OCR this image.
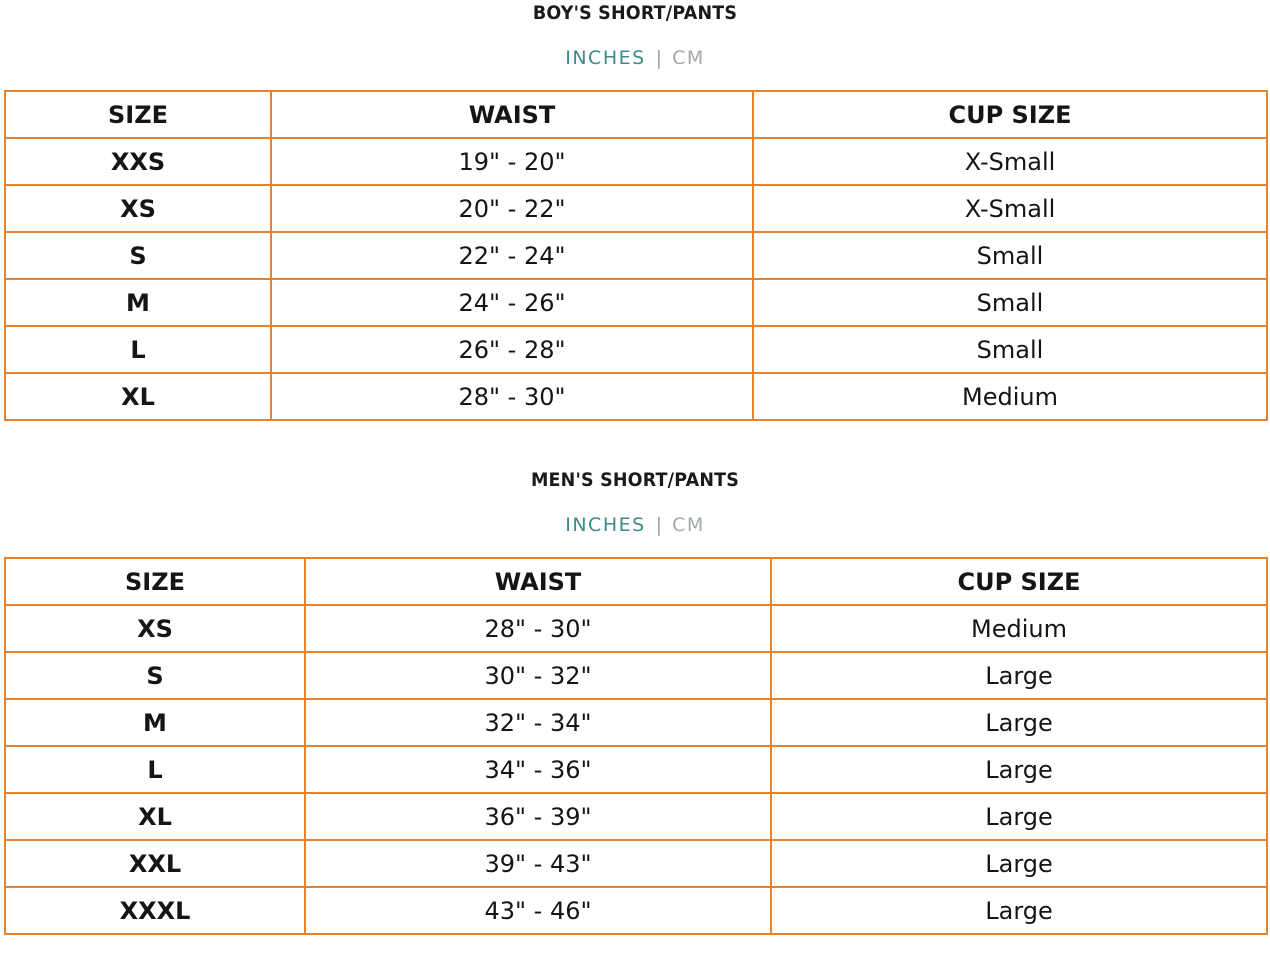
BOY'S SHORT/PANTS
INCHES | CM
SIZE	WAIST	CUP SIZE
XXS	19" - 20"	X-Small
XS	20" - 22"	X-Small
S	22" - 24"	Small
M	24" - 26"	Small
L	26" - 28"	Small
XL	28" - 30"	Medium
MEN'S SHORT/PANTS
INCHES | CM
SIZE	WAIST	CUP SIZE
XS	28" - 30"	Medium
S	30" - 32"	Large
M	32" - 34"	Large
L	34" - 36"	Large
XL	36" - 39"	Large
XXL	39" - 43"	Large
XXXL	43" - 46"	Large
